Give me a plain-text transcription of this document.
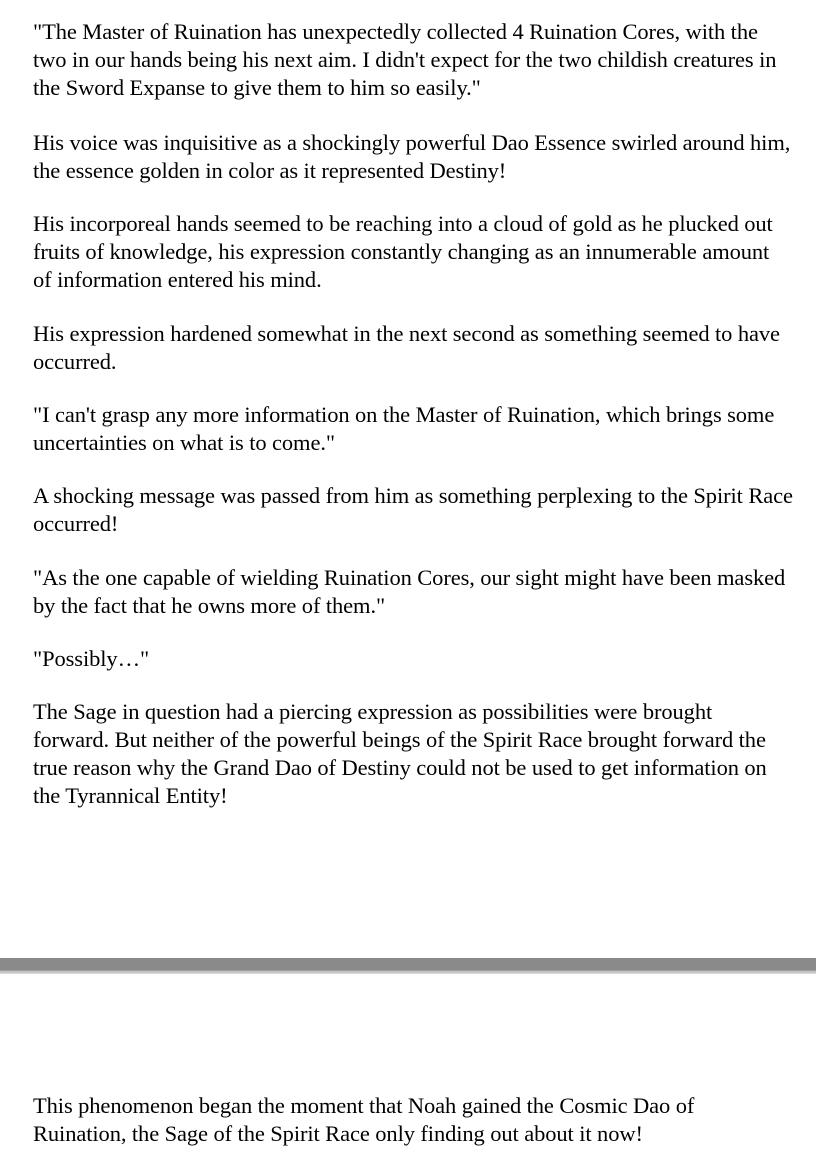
"The Master of Ruination has unexpectedly collected 4 Ruination Cores, with the two in our hands being his next aim. I didn't expect for the two childish creatures in the Sword Expanse to give them to him so easily."

His voice was inquisitive as a shockingly powerful Dao Essence swirled around him, the essence golden in color as it represented Destiny!

His incorporeal hands seemed to be reaching into a cloud of gold as he plucked out fruits of knowledge, his expression constantly changing as an innumerable amount of information entered his mind.

His expression hardened somewhat in the next second as something seemed to have occurred.

"I can't grasp any more information on the Master of Ruination, which brings some uncertainties on what is to come."

A shocking message was passed from him as something perplexing to the Spirit Race occurred!

"As the one capable of wielding Ruination Cores, our sight might have been masked by the fact that he owns more of them."

"Possibly…"

The Sage in question had a piercing expression as possibilities were brought forward. But neither of the powerful beings of the Spirit Race brought forward the true reason why the Grand Dao of Destiny could not be used to get information on the Tyrannical Entity!

This phenomenon began the moment that Noah gained the Cosmic Dao of Ruination, the Sage of the Spirit Race only finding out about it now!
